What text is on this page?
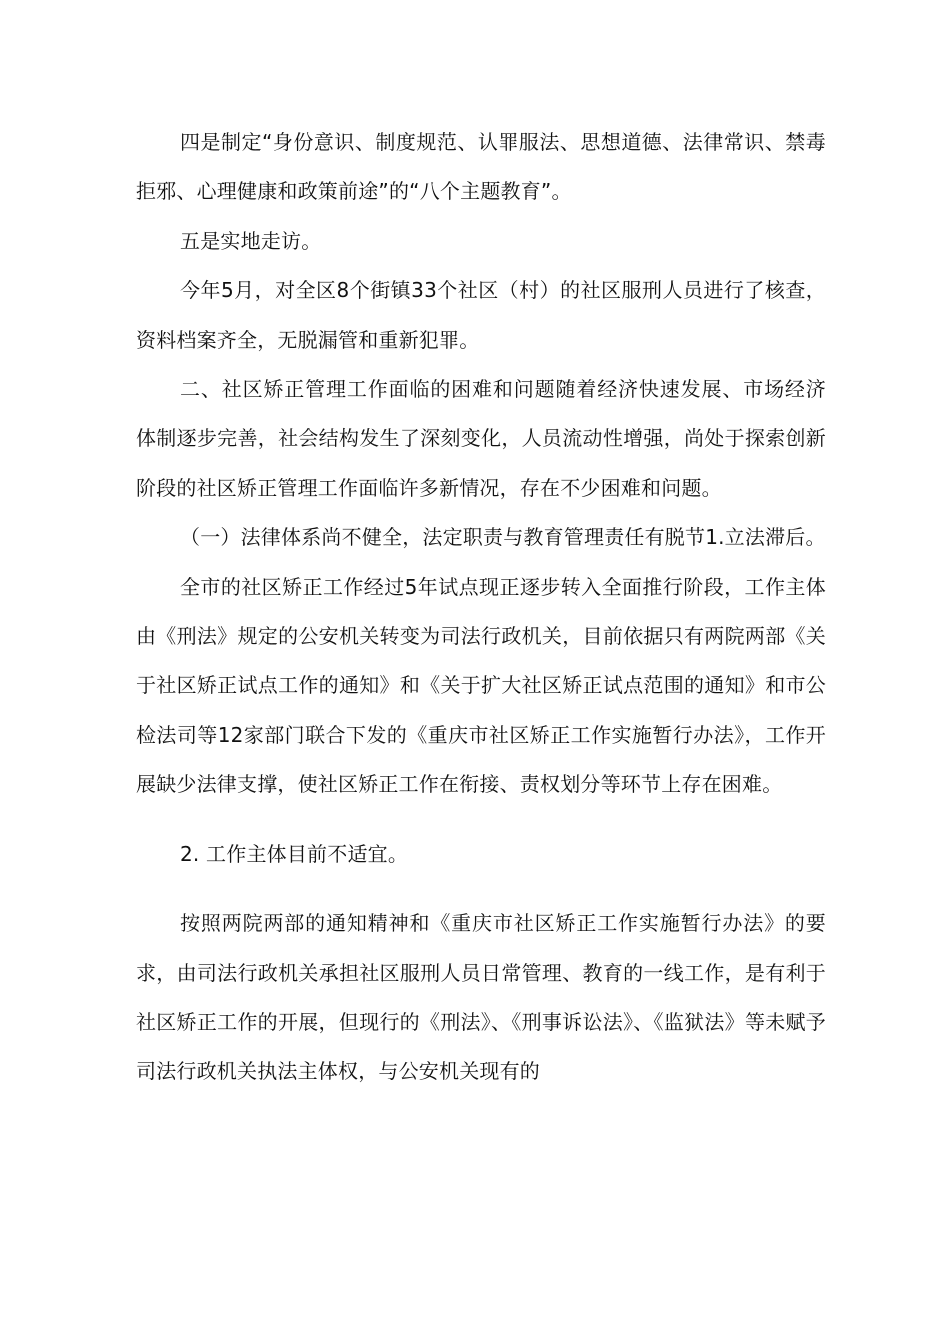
四是制定“身份意识、制度规范、认罪服法、思想道德、法律常识、禁毒拒邪、心理健康和政策前途”的“八个主题教育”。

五是实地走访。

今年5月，对全区8个街镇33个社区（村）的社区服刑人员进行了核查，资料档案齐全，无脱漏管和重新犯罪。

二、社区矫正管理工作面临的困难和问题随着经济快速发展、市场经济体制逐步完善，社会结构发生了深刻变化，人员流动性增强，尚处于探索创新阶段的社区矫正管理工作面临许多新情况，存在不少困难和问题。

（一）法律体系尚不健全，法定职责与教育管理责任有脱节1.立法滞后。

全市的社区矫正工作经过5年试点现正逐步转入全面推行阶段，工作主体由《刑法》规定的公安机关转变为司法行政机关，目前依据只有两院两部《关于社区矫正试点工作的通知》和《关于扩大社区矫正试点范围的通知》和市公检法司等12家部门联合下发的《重庆市社区矫正工作实施暂行办法》，工作开展缺少法律支撑，使社区矫正工作在衔接、责权划分等环节上存在困难。

2. 工作主体目前不适宜。

按照两院两部的通知精神和《重庆市社区矫正工作实施暂行办法》的要求，由司法行政机关承担社区服刑人员日常管理、教育的一线工作，是有利于社区矫正工作的开展，但现行的《刑法》、《刑事诉讼法》、《监狱法》等未赋予司法行政机关执法主体权，与公安机关现有的
